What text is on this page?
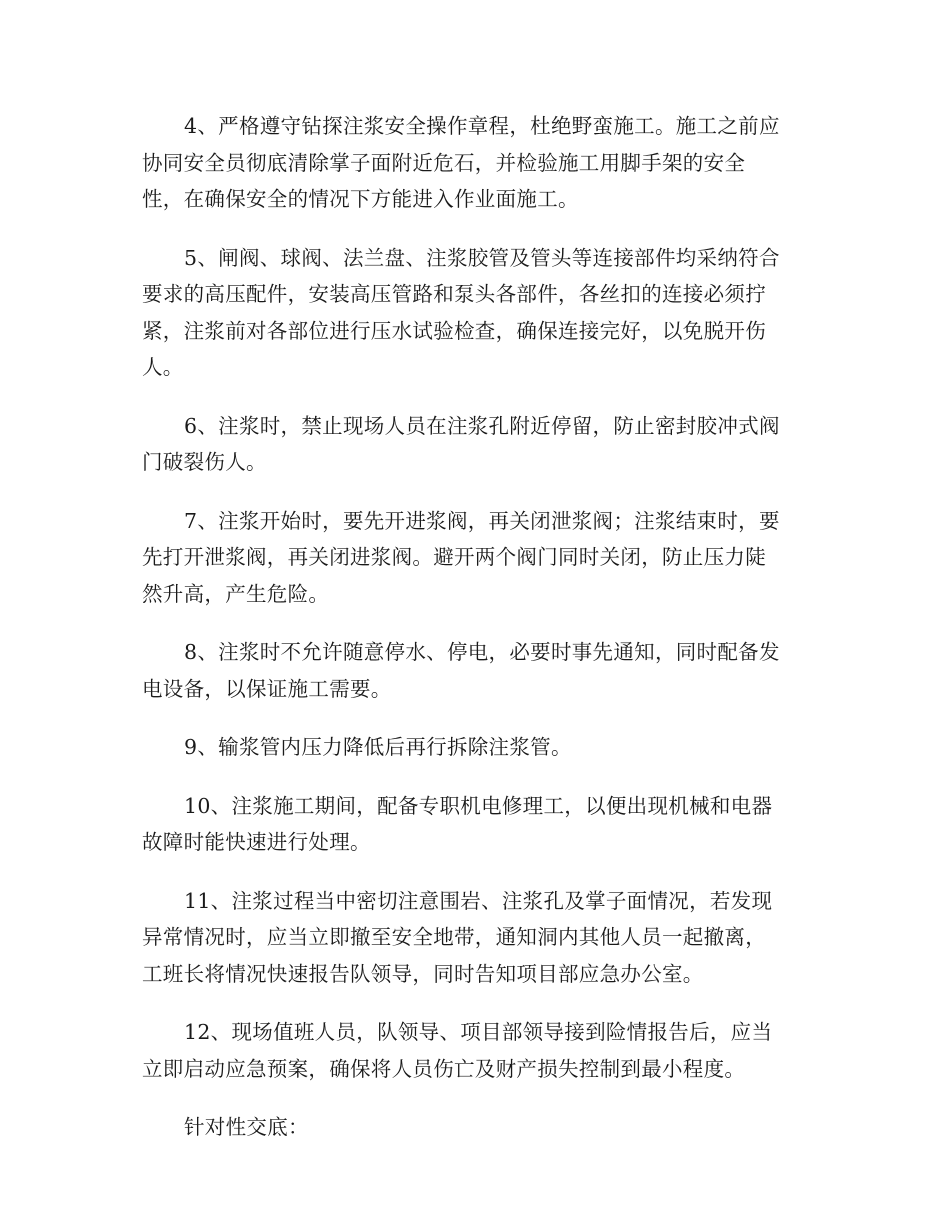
4、严格遵守钻探注浆安全操作章程，杜绝野蛮施工。施工之前应
协同安全员彻底清除掌子面附近危石，并检验施工用脚手架的安全
性，在确保安全的情况下方能进入作业面施工。

5、闸阀、球阀、法兰盘、注浆胶管及管头等连接部件均采纳符合
要求的高压配件，安装高压管路和泵头各部件，各丝扣的连接必须拧
紧，注浆前对各部位进行压水试验检查，确保连接完好，以免脱开伤
人。

6、注浆时，禁止现场人员在注浆孔附近停留，防止密封胶冲式阀
门破裂伤人。

7、注浆开始时，要先开进浆阀，再关闭泄浆阀；注浆结束时，要
先打开泄浆阀，再关闭进浆阀。避开两个阀门同时关闭，防止压力陡
然升高，产生危险。

8、注浆时不允许随意停水、停电，必要时事先通知，同时配备发
电设备，以保证施工需要。

9、输浆管内压力降低后再行拆除注浆管。

10、注浆施工期间，配备专职机电修理工，以便出现机械和电器
故障时能快速进行处理。

11、注浆过程当中密切注意围岩、注浆孔及掌子面情况，若发现
异常情况时，应当立即撤至安全地带，通知洞内其他人员一起撤离，
工班长将情况快速报告队领导，同时告知项目部应急办公室。

12、现场值班人员，队领导、项目部领导接到险情报告后，应当
立即启动应急预案，确保将人员伤亡及财产损失控制到最小程度。

针对性交底：
